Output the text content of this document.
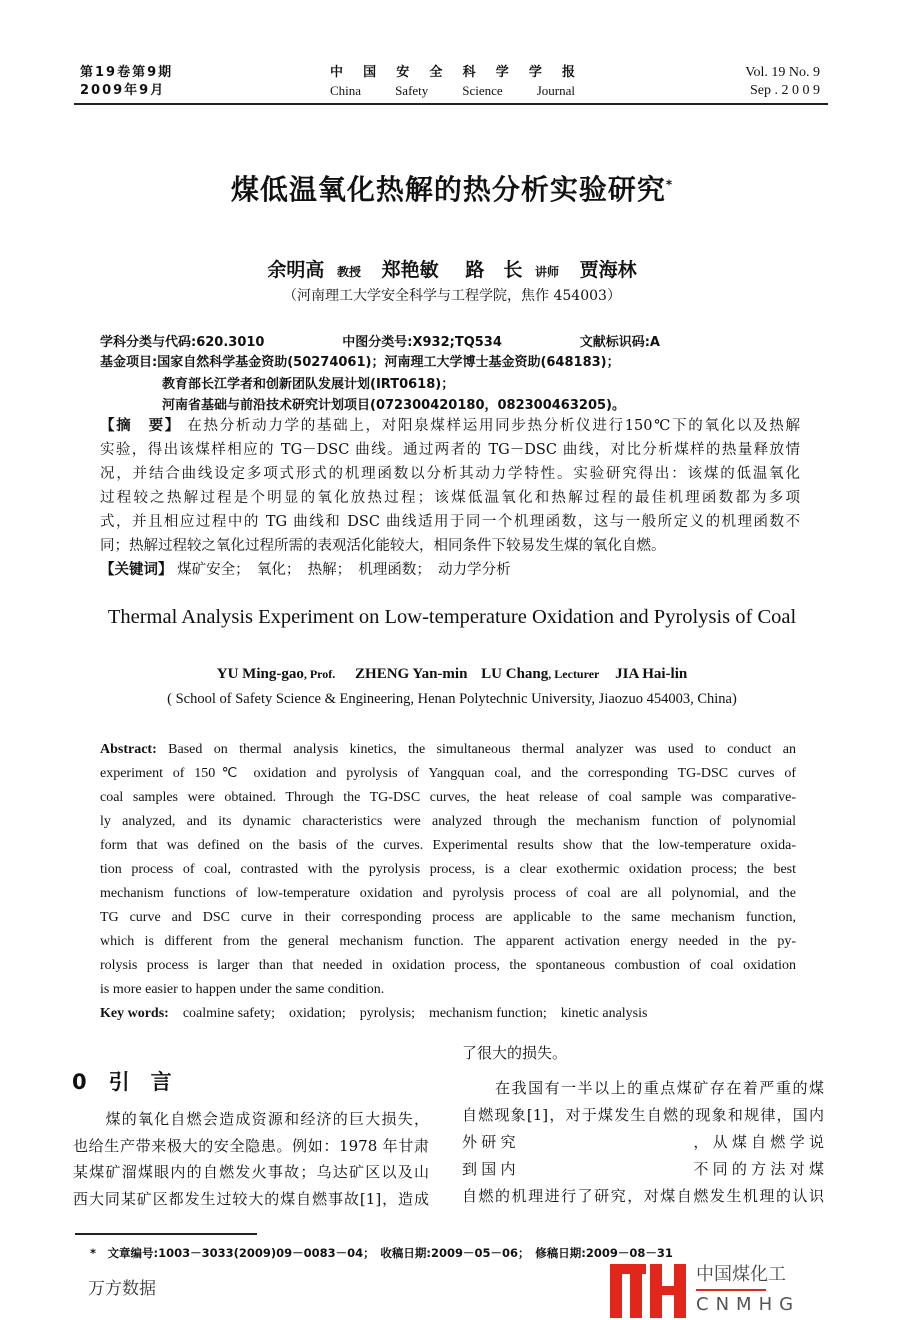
第19卷第9期
2009年9月
中 国 安 全 科 学 学 报
China	Safety	Science	Journal
Vol. 19 No. 9
Sep . 2 0 0 9
煤低温氧化热解的热分析实验研究*
余明高 教授 郑艳敏 路　长 讲师 贾海林
（河南理工大学安全科学与工程学院，焦作 454003）
学科分类与代码:620.3010	中图分类号:X932;TQ534	文献标识码:A
基金项目:国家自然科学基金资助(50274061)；河南理工大学博士基金资助(648183)；
教育部长江学者和创新团队发展计划(IRT0618)；
河南省基础与前沿技术研究计划项目(072300420180，082300463205)。
【摘　要】 在热分析动力学的基础上，对阳泉煤样运用同步热分析仪进行150℃下的氧化以及热解
实验，得出该煤样相应的 TG－DSC 曲线。通过两者的 TG－DSC 曲线，对比分析煤样的热量释放情
况，并结合曲线设定多项式形式的机理函数以分析其动力学特性。实验研究得出：该煤的低温氧化
过程较之热解过程是个明显的氧化放热过程；该煤低温氧化和热解过程的最佳机理函数都为多项
式，并且相应过程中的 TG 曲线和 DSC 曲线适用于同一个机理函数，这与一般所定义的机理函数不
同；热解过程较之氧化过程所需的表观活化能较大，相同条件下较易发生煤的氧化自燃。
【关键词】 煤矿安全；　氧化；　热解；　机理函数；　动力学分析
Thermal Analysis Experiment on Low-temperature Oxidation and Pyrolysis of Coal
YU Ming-gao, Prof. ZHENG Yan-min LU Chang, Lecturer JIA Hai-lin
( School of Safety Science & Engineering, Henan Polytechnic University, Jiaozuo 454003, China)
Abstract: Based on thermal analysis kinetics, the simultaneous thermal analyzer was used to conduct an
experiment of 150℃ oxidation and pyrolysis of Yangquan coal, and the corresponding TG-DSC curves of
coal samples were obtained. Through the TG-DSC curves, the heat release of coal sample was comparative-
ly analyzed, and its dynamic characteristics were analyzed through the mechanism function of polynomial
form that was defined on the basis of the curves. Experimental results show that the low-temperature oxida-
tion process of coal, contrasted with the pyrolysis process, is a clear exothermic oxidation process; the best
mechanism functions of low-temperature oxidation and pyrolysis process of coal are all polynomial, and the
TG curve and DSC curve in their corresponding process are applicable to the same mechanism function,
which is different from the general mechanism function. The apparent activation energy needed in the py-
rolysis process is larger than that needed in oxidation process, the spontaneous combustion of coal oxidation
is more easier to happen under the same condition.
Key words:　 coalmine safety;　oxidation;　pyrolysis;　mechanism function;　kinetic analysis
0 引　言
　　煤的氧化自燃会造成资源和经济的巨大损失，
也给生产带来极大的安全隐患。例如：1978 年甘肃
某煤矿溜煤眼内的自燃发火事故；乌达矿区以及山
西大同某矿区都发生过较大的煤自燃事故[1]，造成
了很大的损失。
　　在我国有一半以上的重点煤矿存在着严重的煤
自燃现象[1]，对于煤发生自燃的现象和规律，国内
外研究　　　　　　　　　，从煤自燃学说
到国内　　　　　　　　　不同的方法对煤
自燃的机理进行了研究，对煤自燃发生机理的认识
中国煤化工
CNMHG
*　文章编号:1003－3033(2009)09－0083－04；　收稿日期:2009－05－06；　修稿日期:2009－08－31
万方数据
